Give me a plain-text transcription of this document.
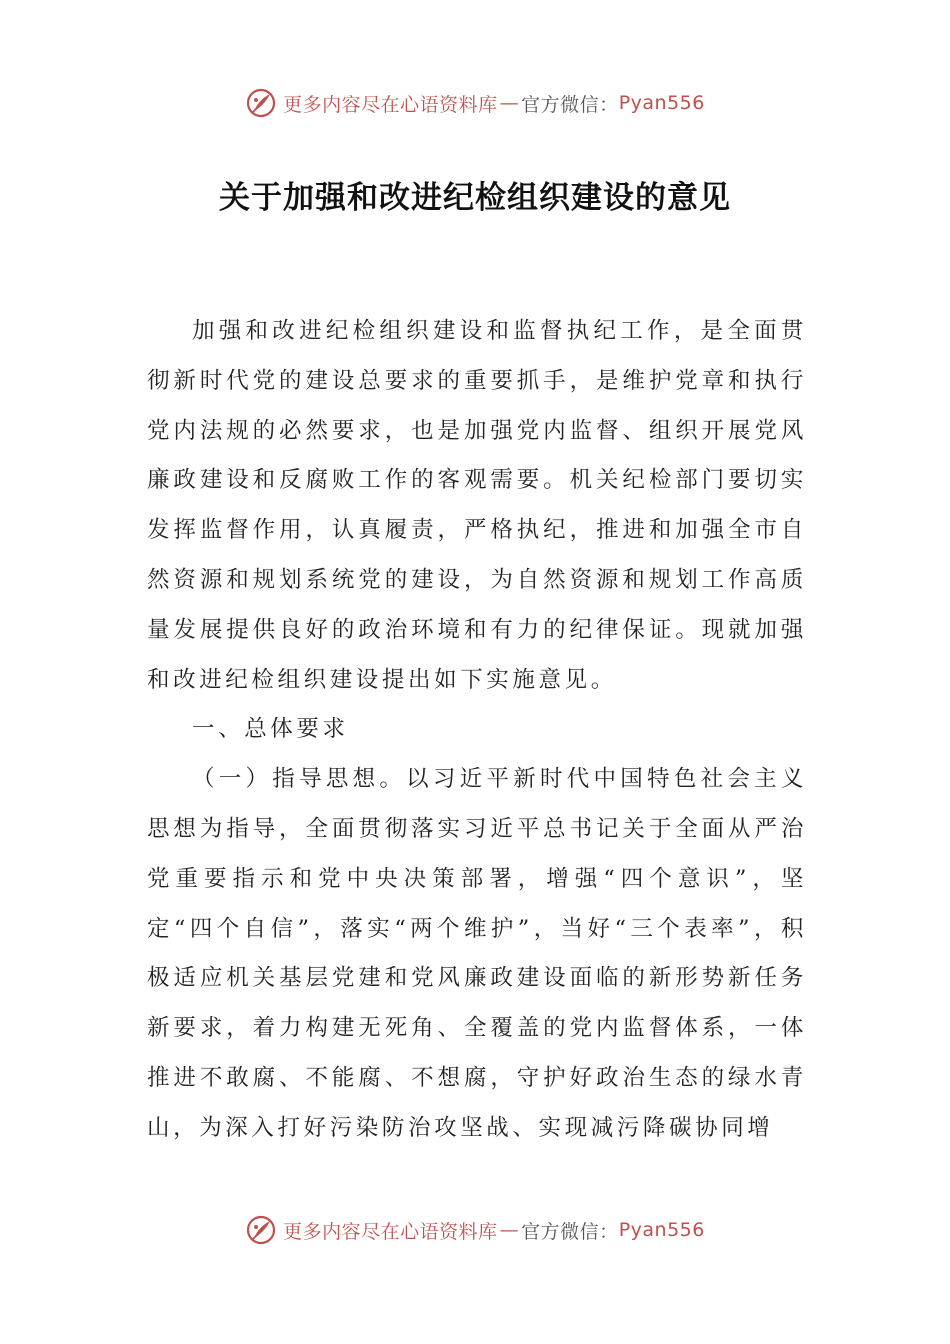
更多内容尽在心语资料库 — 官方微信： Pyan556
关于加强和改进纪检组织建设的意见

加强和改进纪检组织建设和监督执纪工作，是全面贯彻新时代党的建设总要求的重要抓手，是维护党章和执行党内法规的必然要求，也是加强党内监督、组织开展党风廉政建设和反腐败工作的客观需要。机关纪检部门要切实发挥监督作用，认真履责，严格执纪，推进和加强全市自然资源和规划系统党的建设，为自然资源和规划工作高质量发展提供良好的政治环境和有力的纪律保证。现就加强和改进纪检组织建设提出如下实施意见。

一、总体要求

（一）指导思想。以习近平新时代中国特色社会主义思想为指导，全面贯彻落实习近平总书记关于全面从严治党重要指示和党中央决策部署，增强“四个意识”，坚定“四个自信”，落实“两个维护”，当好“三个表率”，积极适应机关基层党建和党风廉政建设面临的新形势新任务新要求，着力构建无死角、全覆盖的党内监督体系，一体推进不敢腐、不能腐、不想腐，守护好政治生态的绿水青山，为深入打好污染防治攻坚战、实现减污降碳协同增

更多内容尽在心语资料库 — 官方微信： Pyan556
